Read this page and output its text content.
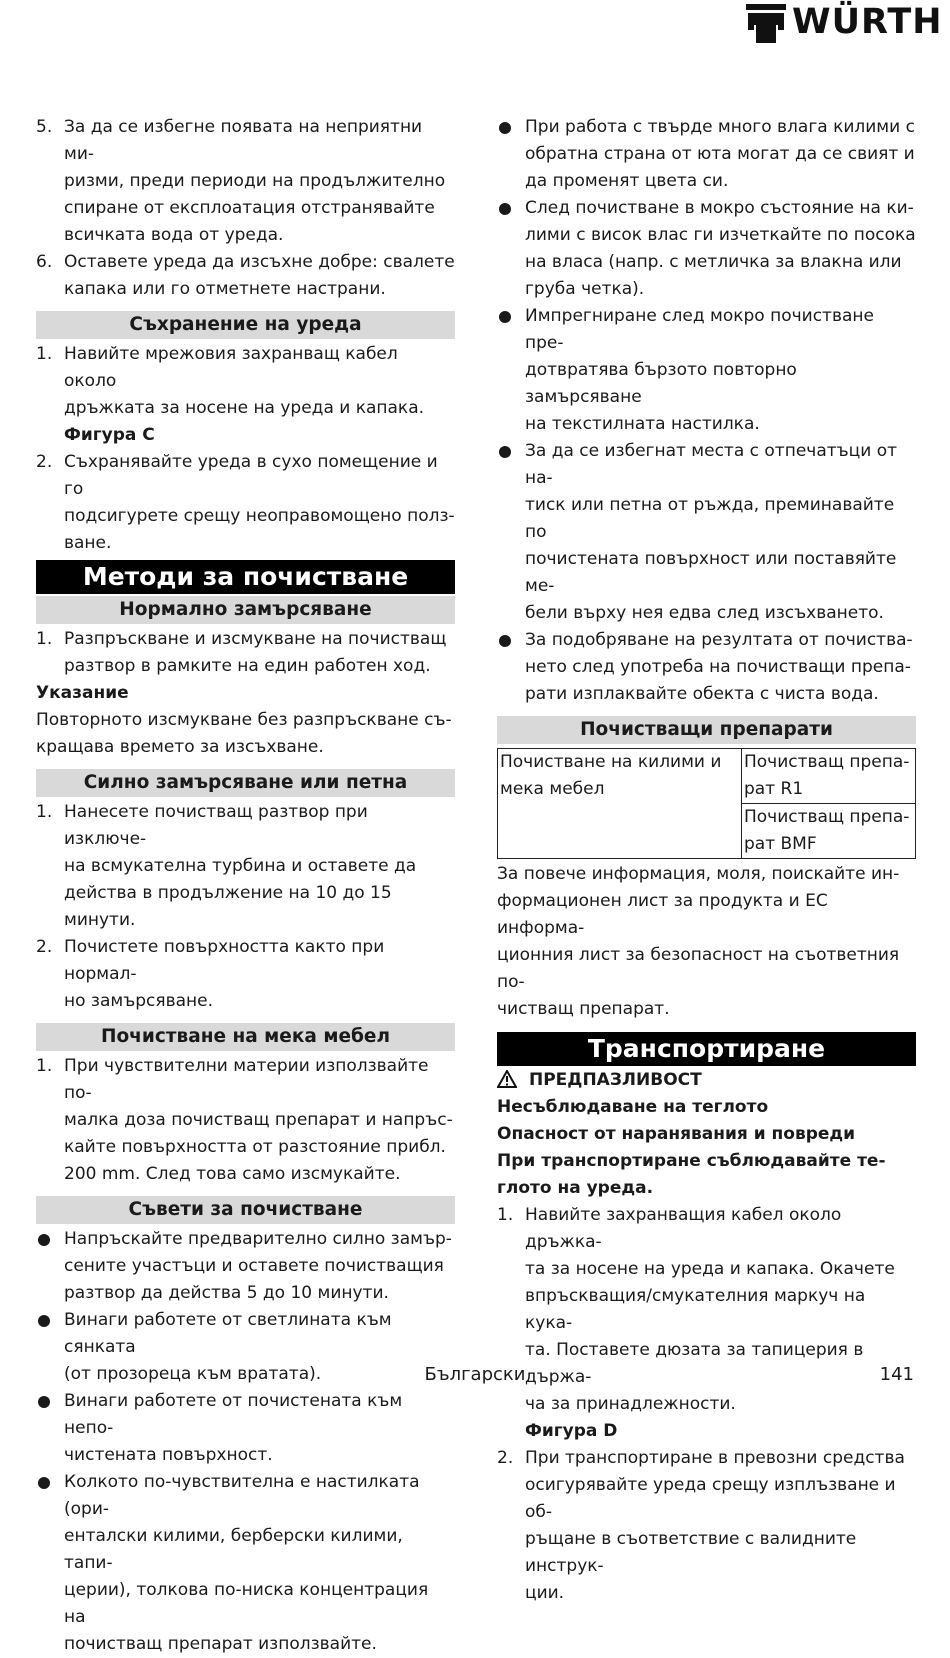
WÜRTH
5. За да се избегне появата на неприятни ми-
ризми, преди периоди на продължително
спиране от експлоатация отстранявайте
всичката вода от уреда.
6. Оставете уреда да изсъхне добре: свалете
капака или го отметнете настрани.
Съхранение на уреда
1. Навийте мрежовия захранващ кабел около
дръжката за носене на уреда и капака.
Фигура C
2. Съхранявайте уреда в сухо помещение и го
подсигурете срещу неоправомощено полз-
ване.
Методи за почистване
Нормално замърсяване
1. Разпръскване и изсмукване на почистващ
разтвор в рамките на един работен ход.

Указание

Повторното изсмукване без разпръскване съ-
кращава времето за изсъхване.

Силно замърсяване или петна
1. Нанесете почистващ разтвор при изключе-
на всмукателна турбина и оставете да
действа в продължение на 10 до 15 минути.
2. Почистете повърхността както при нормал-
но замърсяване.
Почистване на мека мебел
1. При чувствителни материи използвайте по-
малка доза почистващ препарат и напръс-
кайте повърхността от разстояние прибл.
200 mm. След това само изсмукайте.
Съвети за почистване
Напръскайте предварително силно замър-
сените участъци и оставете почистващия
разтвор да действа 5 до 10 минути.
Винаги работете от светлината към сянката
(от прозореца към вратата).
Винаги работете от почистената към непо-
чистената повърхност.
Колкото по-чувствителна е настилката (ори-
енталски килими, берберски килими, тапи-
церии), толкова по-ниска концентрация на
почистващ препарат използвайте.
При работа с твърде много влага килими с
обратна страна от юта могат да се свият и
да променят цвета си.
След почистване в мокро състояние на ки-
лими с висок влас ги изчеткайте по посока
на власа (напр. с метличка за влакна или
груба четка).
Импрегниране след мокро почистване пре-
дотвратява бързото повторно замърсяване
на текстилната настилка.
За да се избегнат места с отпечатъци от на-
тиск или петна от ръжда, преминавайте по
почистената повърхност или поставяйте ме-
бели върху нея едва след изсъхването.
За подобряване на резултата от почиства-
нето след употреба на почистващи препа-
рати изплаквайте обекта с чиста вода.
Почистващи препарати
Почистване на килими и
мека мебел	Почистващ препа-
рат R1
Почистващ препа-
рат BMF

За повече информация, моля, поискайте ин-
формационен лист за продукта и ЕС информа-
ционния лист за безопасност на съответния по-
чистващ препарат.

Транспортиране
ПРЕДПАЗЛИВОСТ

Несъблюдаване на теглото

Опасност от наранявания и повреди

При транспортиране съблюдавайте те-
глото на уреда.

1. Навийте захранващия кабел около дръжка-
та за носене на уреда и капака. Окачете
впръскващия/смукателния маркуч на кука-
та. Поставете дюзата за тапицерия в държа-
ча за принадлежности.
Фигура D
2. При транспортиране в превозни средства
осигурявайте уреда срещу изплъзване и об-
ръщане в съответствие с валидните инструк-
ции.
Български	141
